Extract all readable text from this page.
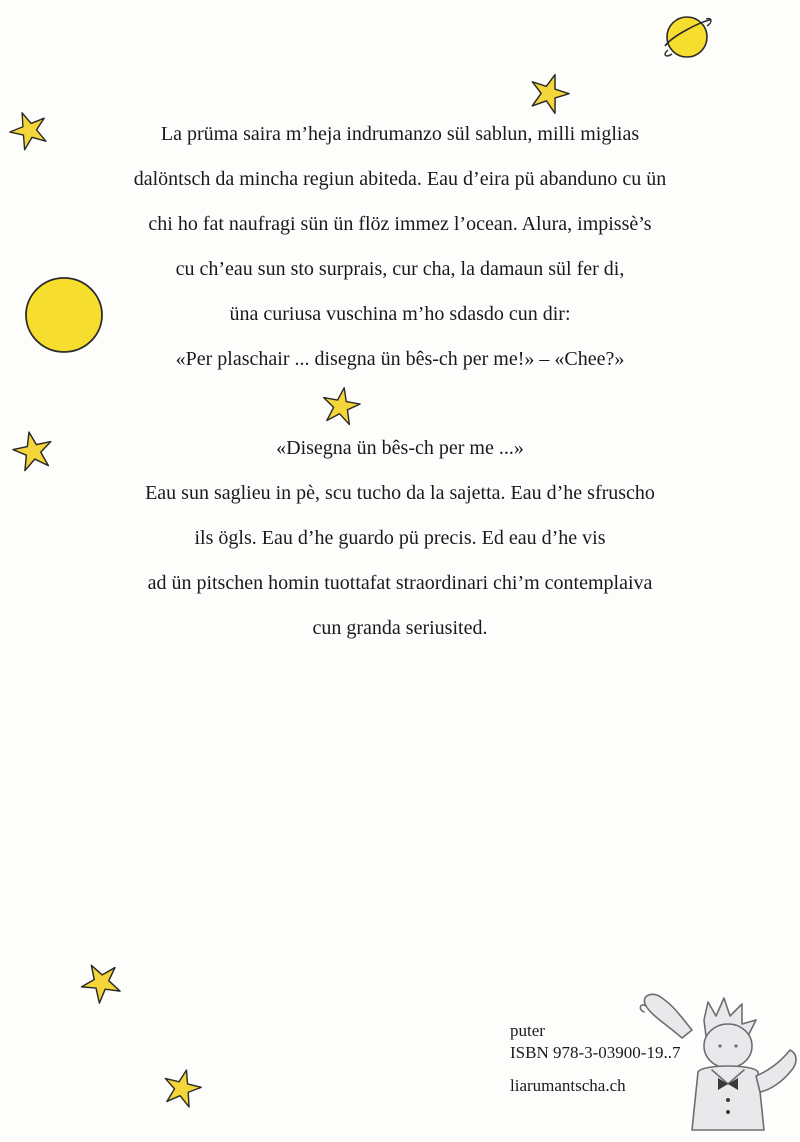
La prüma saira m’heja indrumanzo sül sablun, milli miglias
dalöntsch da mincha regiun abiteda. Eau d’eira pü abanduno cu ün
chi ho fat naufragi sün ün flöz immez l’ocean. Alura, impissè’s
cu ch’eau sun sto surprais, cur cha, la damaun sül fer di,
üna curiusa vuschina m’ho sdasdo cun dir:
«Per plaschair ... disegna ün bês-ch per me!» – «Chee?»

«Disegna ün bês-ch per me ...»
Eau sun saglieu in pè, scu tucho da la sajetta. Eau d’he sfruscho
ils ögls. Eau d’he guardo pü precis. Ed eau d’he vis
ad ün pitschen homin tuottafat straordinari chi’m contemplaiva
cun granda seriusited.

puter
ISBN 978-3-03900-19..7
liarumantscha.ch
